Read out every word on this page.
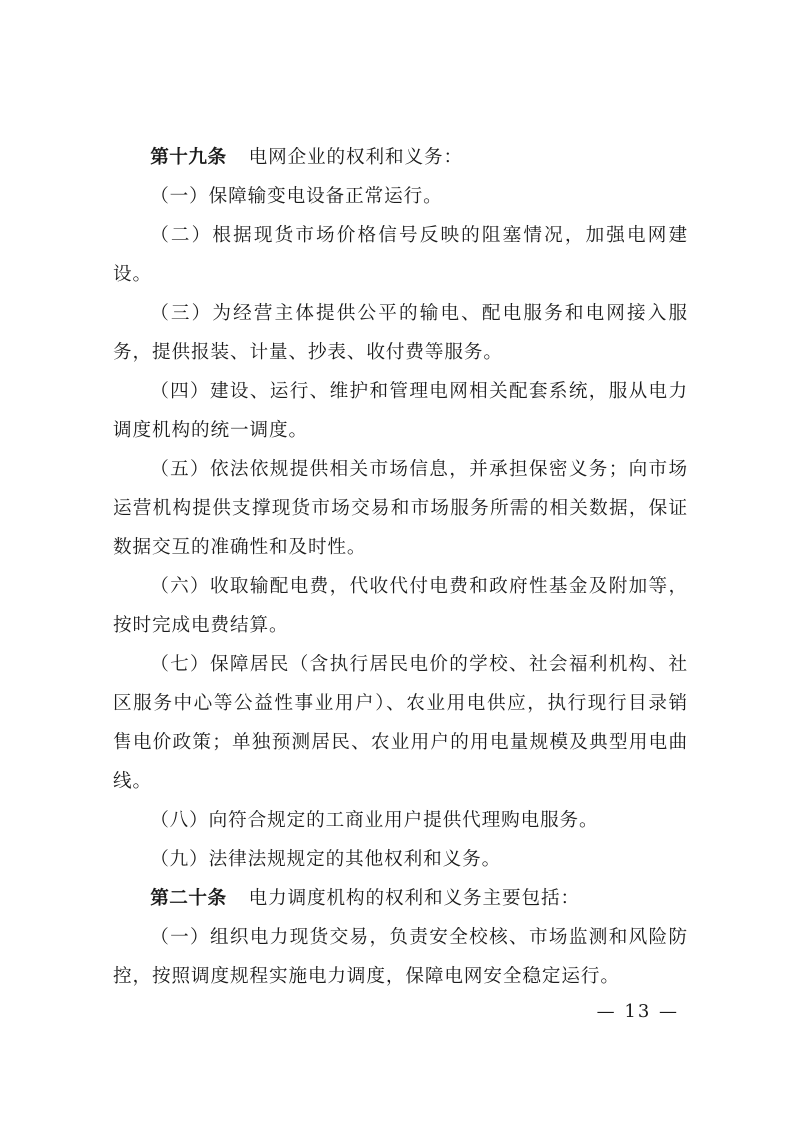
第十九条 电网企业的权利和义务：

（一）保障输变电设备正常运行。

（二）根据现货市场价格信号反映的阻塞情况，加强电网建设。

（三）为经营主体提供公平的输电、配电服务和电网接入服务，提供报装、计量、抄表、收付费等服务。

（四）建设、运行、维护和管理电网相关配套系统，服从电力调度机构的统一调度。

（五）依法依规提供相关市场信息，并承担保密义务；向市场运营机构提供支撑现货市场交易和市场服务所需的相关数据，保证数据交互的准确性和及时性。

（六）收取输配电费，代收代付电费和政府性基金及附加等，按时完成电费结算。

（七）保障居民（含执行居民电价的学校、社会福利机构、社区服务中心等公益性事业用户）、农业用电供应，执行现行目录销售电价政策；单独预测居民、农业用户的用电量规模及典型用电曲线。

（八）向符合规定的工商业用户提供代理购电服务。

（九）法律法规规定的其他权利和义务。

第二十条 电力调度机构的权利和义务主要包括：

（一）组织电力现货交易，负责安全校核、市场监测和风险防控，按照调度规程实施电力调度，保障电网安全稳定运行。

— 13 —
